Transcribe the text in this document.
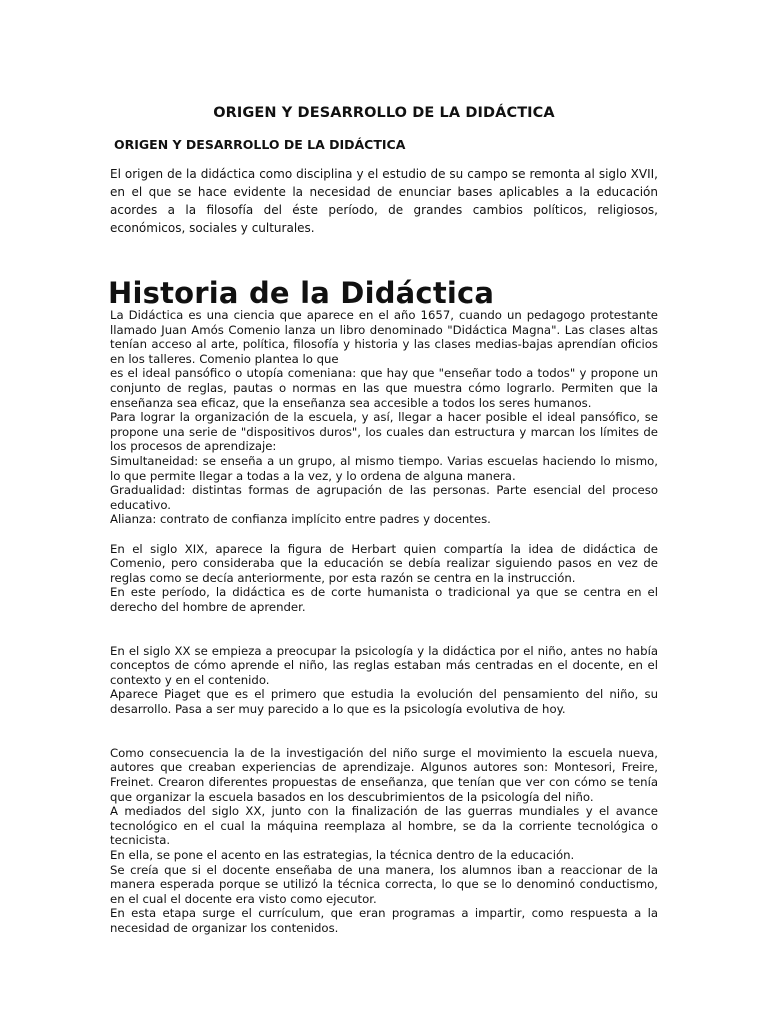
ORIGEN Y DESARROLLO DE LA DIDÁCTICA
ORIGEN Y DESARROLLO DE LA DIDÁCTICA

El origen de la didáctica como disciplina y el estudio de su campo se remonta al siglo XVII, en el que se hace evidente la necesidad de enunciar bases aplicables a la educación acordes a la filosofía del éste período, de grandes cambios políticos, religiosos, económicos, sociales y culturales.

Historia de la Didáctica

La Didáctica es una ciencia que aparece en el año 1657, cuando un pedagogo protestante llamado Juan Amós Comenio lanza un libro denominado "Didáctica Magna". Las clases altas tenían acceso al arte, política, filosofía y historia y las clases medias-bajas aprendían oficios en los talleres. Comenio plantea lo que

es el ideal pansófico o utopía comeniana: que hay que "enseñar todo a todos" y propone un conjunto de reglas, pautas o normas en las que muestra cómo lograrlo. Permiten que la enseñanza sea eficaz, que la enseñanza sea accesible a todos los seres humanos.

Para lograr la organización de la escuela, y así, llegar a hacer posible el ideal pansófico, se propone una serie de "dispositivos duros", los cuales dan estructura y marcan los límites de los procesos de aprendizaje:

Simultaneidad: se enseña a un grupo, al mismo tiempo. Varias escuelas haciendo lo mismo, lo que permite llegar a todas a la vez, y lo ordena de alguna manera.

Gradualidad: distintas formas de agrupación de las personas. Parte esencial del proceso educativo.

Alianza: contrato de confianza implícito entre padres y docentes.

En el siglo XIX, aparece la figura de Herbart quien compartía la idea de didáctica de Comenio, pero consideraba que la educación se debía realizar siguiendo pasos en vez de reglas como se decía anteriormente, por esta razón se centra en la instrucción.

En este período, la didáctica es de corte humanista o tradicional ya que se centra en el derecho del hombre de aprender.

En el siglo XX se empieza a preocupar la psicología y la didáctica por el niño, antes no había conceptos de cómo aprende el niño, las reglas estaban más centradas en el docente, en el contexto y en el contenido.

Aparece Piaget que es el primero que estudia la evolución del pensamiento del niño, su desarrollo. Pasa a ser muy parecido a lo que es la psicología evolutiva de hoy.

Como consecuencia la de la investigación del niño surge el movimiento la escuela nueva, autores que creaban experiencias de aprendizaje. Algunos autores son: Montesori, Freire, Freinet. Crearon diferentes propuestas de enseñanza, que tenían que ver con cómo se tenía que organizar la escuela basados en los descubrimientos de la psicología del niño.

A mediados del siglo XX, junto con la finalización de las guerras mundiales y el avance tecnológico en el cual la máquina reemplaza al hombre, se da la corriente tecnológica o tecnicista.

En ella, se pone el acento en las estrategias, la técnica dentro de la educación.

Se creía que si el docente enseñaba de una manera, los alumnos iban a reaccionar de la manera esperada porque se utilizó la técnica correcta, lo que se lo denominó conductismo, en el cual el docente era visto como ejecutor.

En esta etapa surge el currículum, que eran programas a impartir, como respuesta a la necesidad de organizar los contenidos.
